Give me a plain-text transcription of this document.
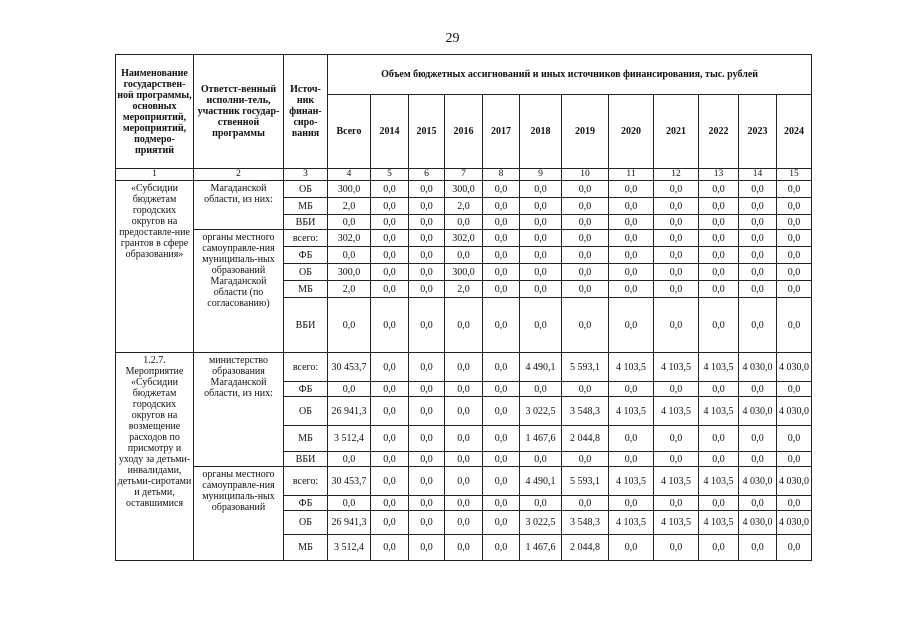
29
Наименование государствен-ной программы, основных мероприятий, мероприятий, подмеро-приятий	Ответст-венный исполни-тель, участник государ-ственной программы	Источ-ник финан-сиро-вания	Объем бюджетных ассигнований и иных источников финансирования, тыс. рублей											
			Всего	2014	2015	2016	2017	2018	2019	2020	2021	2022	2023	2024
1	2	3	4	5	6	7	8	9	10	11	12	13	14	15
«Субсидии бюджетам городских округов на предоставле-ние грантов в сфере образования»	Магаданской области, из них:	ОБ	300,0	0,0	0,0	300,0	0,0	0,0	0,0	0,0	0,0	0,0	0,0	0,0
		МБ	2,0	0,0	0,0	2,0	0,0	0,0	0,0	0,0	0,0	0,0	0,0	0,0
		ВБИ	0,0	0,0	0,0	0,0	0,0	0,0	0,0	0,0	0,0	0,0	0,0	0,0
	органы местного самоуправле-ния муниципаль-ных образований Магаданской области (по согласованию)	всего:	302,0	0,0	0,0	302,0	0,0	0,0	0,0	0,0	0,0	0,0	0,0	0,0
		ФБ	0,0	0,0	0,0	0,0	0,0	0,0	0,0	0,0	0,0	0,0	0,0	0,0
		ОБ	300,0	0,0	0,0	300,0	0,0	0,0	0,0	0,0	0,0	0,0	0,0	0,0
		МБ	2,0	0,0	0,0	2,0	0,0	0,0	0,0	0,0	0,0	0,0	0,0	0,0
		ВБИ	0,0	0,0	0,0	0,0	0,0	0,0	0,0	0,0	0,0	0,0	0,0	0,0
1.2.7. Мероприятие «Субсидии бюджетам городских округов на возмещение расходов по присмотру и уходу за детьми-инвалидами, детьми-сиротами и детьми, оставшимися	министерство образования Магаданской области, из них:	всего:	30 453,7	0,0	0,0	0,0	0,0	4 490,1	5 593,1	4 103,5	4 103,5	4 103,5	4 030,0	4 030,0
		ФБ	0,0	0,0	0,0	0,0	0,0	0,0	0,0	0,0	0,0	0,0	0,0	0,0
		ОБ	26 941,3	0,0	0,0	0,0	0,0	3 022,5	3 548,3	4 103,5	4 103,5	4 103,5	4 030,0	4 030,0
		МБ	3 512,4	0,0	0,0	0,0	0,0	1 467,6	2 044,8	0,0	0,0	0,0	0,0	0,0
		ВБИ	0,0	0,0	0,0	0,0	0,0	0,0	0,0	0,0	0,0	0,0	0,0	0,0
	органы местного самоуправле-ния муниципаль-ных образований	всего:	30 453,7	0,0	0,0	0,0	0,0	4 490,1	5 593,1	4 103,5	4 103,5	4 103,5	4 030,0	4 030,0
		ФБ	0,0	0,0	0,0	0,0	0,0	0,0	0,0	0,0	0,0	0,0	0,0	0,0
		ОБ	26 941,3	0,0	0,0	0,0	0,0	3 022,5	3 548,3	4 103,5	4 103,5	4 103,5	4 030,0	4 030,0
		МБ	3 512,4	0,0	0,0	0,0	0,0	1 467,6	2 044,8	0,0	0,0	0,0	0,0	0,0
